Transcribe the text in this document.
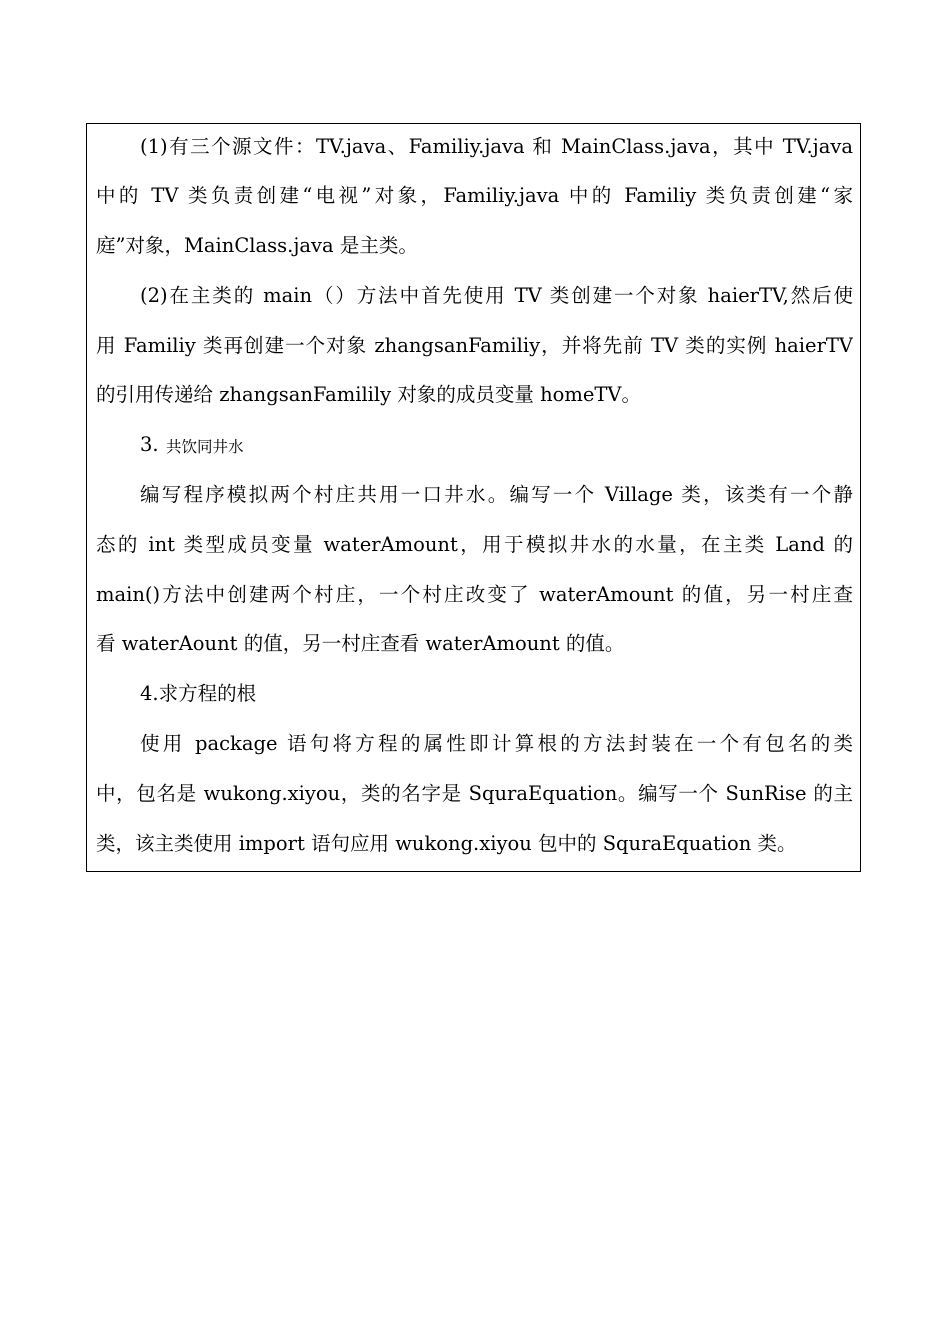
(1)有三个源文件：TV.java、Familiy.java 和 MainClass.java，其中 TV.java
中的 TV 类负责创建“电视”对象，Familiy.java 中的 Familiy 类负责创建“家
庭”对象，MainClass.java 是主类。
(2)在主类的 main（）方法中首先使用 TV 类创建一个对象 haierTV,然后使
用 Familiy 类再创建一个对象 zhangsanFamiliy，并将先前 TV 类的实例 haierTV
的引用传递给 zhangsanFamilily 对象的成员变量 homeTV。
3. 共饮同井水
编写程序模拟两个村庄共用一口井水。编写一个 Village 类，该类有一个静
态的 int 类型成员变量 waterAmount，用于模拟井水的水量，在主类 Land 的
main()方法中创建两个村庄，一个村庄改变了 waterAmount 的值，另一村庄查
看 waterAount 的值，另一村庄查看 waterAmount 的值。
4.求方程的根
使用 package 语句将方程的属性即计算根的方法封装在一个有包名的类
中，包名是 wukong.xiyou，类的名字是 SquraEquation。编写一个 SunRise 的主
类，该主类使用 import 语句应用 wukong.xiyou 包中的 SquraEquation 类。
